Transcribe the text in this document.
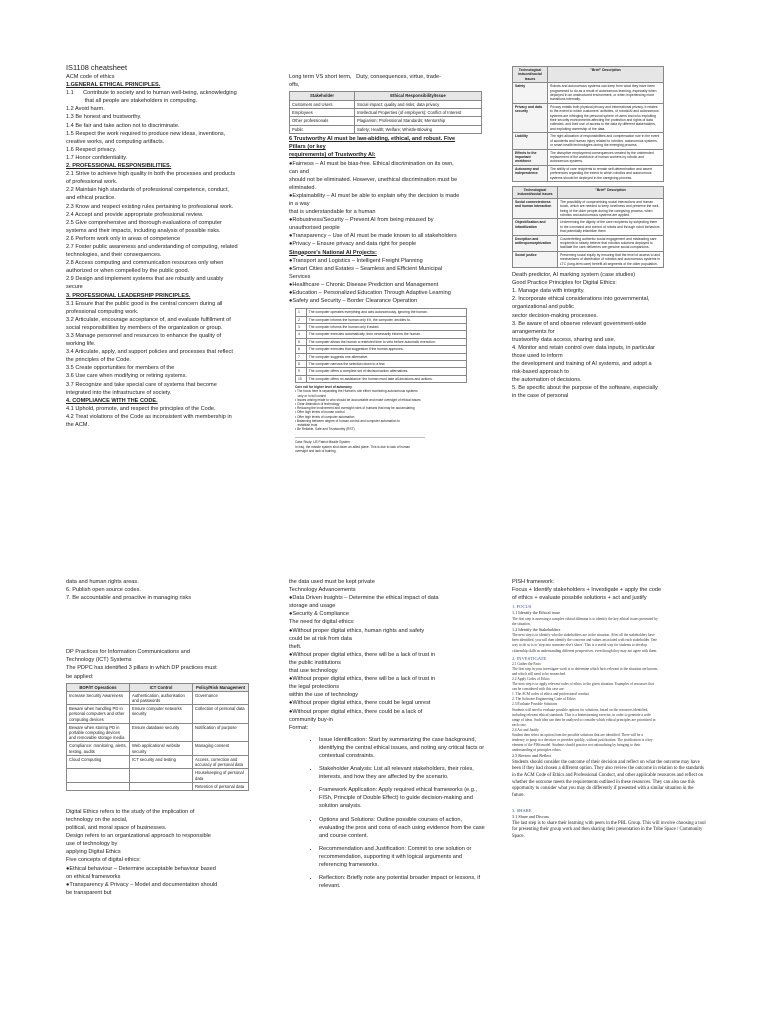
IS1108 cheatsheet

ACM code of ethics
1.GENERAL ETHICAL PRINCIPLES.
1.1      Contribute to society and to human well-being, acknowledging
that all people are stakeholders in computing.
1.2 Avoid harm.
1.3 Be honest and trustworthy.
1.4 Be fair and take action not to discriminate.
1.5 Respect the work required to produce new ideas, inventions,
creative works, and computing artifacts.
1.6 Respect privacy.
1.7 Honor confidentiality.
2. PROFESSIONAL RESPONSIBILITIES.
2.1 Strive to achieve high quality in both the processes and products
of professional work.
2.2 Maintain high standards of professional competence, conduct,
and ethical practice.
2.3 Know and respect existing rules pertaining to professional work.
2.4 Accept and provide appropriate professional review.
2.5 Give comprehensive and thorough evaluations of computer
systems and their impacts, including analysis of possible risks.
2.6 Perform work only in areas of competence
2.7 Foster public awareness and understanding of computing, related
technologies, and their consequences.
2.8 Access computing and communication resources only when
authorized or when compelled by the public good.
2.9 Design and implement systems that are robustly and usably
secure
3. PROFESSIONAL LEADERSHIP PRINCIPLES.
3.1 Ensure that the public good is the central concern during all
professional computing work.
3.2 Articulate, encourage acceptance of, and evaluate fulfillment of
social responsibilities by members of the organization or group.
3.3 Manage personnel and resources to enhance the quality of
working life.
3.4 Articulate, apply, and support policies and processes that reflect
the principles of the Code.
3.5 Create opportunities for members of the
3.6 Use care when modifying or retiring systems.
3.7 Recognize and take special care of systems that become
integrated into the infrastructure of society.
4. COMPLIANCE WITH THE CODE.
4.1 Uphold, promote, and respect the principles of the Code.
4.2 Treat violations of the Code as inconsistent with membership in
the ACM.
Long term VS short term,   Duty, consequences, virtue, trade-
offs,
Stakeholder	Ethical Responsibility/Issue
Customers and Users	Social impact; quality and risks; data privacy
Employees	Intellectual Properties (of employers); Conflict of Interest
Other professionals	Plagiarism; Professional Standards; Mentorship
Public	Safety; Health; Welfare; Whistle-Blowing
6 Trustworthy AI must be law-abiding, ethical, and robust. Five
Pillars (or key
requirements) of Trustworthy AI:
●Fairness – AI must be bias-free. Ethical discrimination on its own,
can and
should not be eliminated. However, unethical discrimination must be
eliminated.
●Explainability – AI must be able to explain why the decision is made
in a way
that is understandable for a human
●Robustness/Security – Prevent AI from being misused by
unauthorised people
●Transparency – Use of AI must be made known to all stakeholders
●Privacy – Ensure privacy and data right for people
Singapore's National AI Projects:
●Transport and Logistics – Intelligent Freight Planning
●Smart Cities and Estates – Seamless and Efficient Municipal
Services
●Healthcare – Chronic Disease Prediction and Management
●Education – Personalized Education Through Adaptive Learning
●Safety and Security – Border Clearance Operation
1	The computer operates everything and acts autonomously, ignoring the human.
2	The computer informs the human only if it, the computer, decides to.
3	The computer informs the human only if asked.
4	The computer executes automatically, then necessarily informs the human.
5	The computer allows the human a restricted time to veto before automatic execution.
6	The computer executes that suggestion if the human approves.
7	The computer suggests one alternative.
8	The computer narrows the selection down to a few.
9	The computer offers a complete set of decision/action alternatives.
10	The computer offers no assistance: the human must take all decisions and actions.
Core roll for higher level of autonomy
• The focus here is separating the Human's role either monitoring autonomous systems
only or in full control
• Issues arising relate to who should be accountable and make oversight of ethical issues
• Clear distinction of technology
• Reducing the involvement and oversight roles of humans that may be accumulating
• Offer high levels of human control
• Offer high levels of computer automation
• Balancing between degree of human control and computer automation to
establish trust
• Be Reliable, Safe and Trustworthy (RST)
Case Study: US Patriot Missile System
In Iraq, the missile system shot down an allied plane. This is due to lack of human
oversight and lack of training.
Technological induced/social issues	"Brief" Description
Safety	Robots and autonomous systems can keep from what they have been programmed to do as a result of autonomous learning, especially when deployed in an unstructured environment, or when experiencing more transitions internally.
Privacy and data security	Privacy entails both physical privacy and informational privacy. It relates to the extent to which customers' activities, of robots/AI and autonomous systems are infringing the personal sphere of users and who exploiting their security environments affecting the protection and rights of data collected, and their use of access to the data by different stakeholders, and exploiting ownership of the data.
Liability	The right allocation of responsibilities and compensation rule in the event of accidents and human injury related to robotics, autonomous systems, or smart health technologies during the emerging process.
Effects to the important workforce	The disruptive employment consequences created by the unintended replacement of the workforce of human workers by robotic and autonomous systems.
Autonomy and independence	The ability of care recipients to remain self-determination and assert preferences regarding the extent to which robotics and autonomous systems should be deployed in the caregiving process.
Technological induced/social issues	"Brief" Description
Social connectedness and human interaction	The possibility of compromising social interactions and human touch, which are needed to keep loneliness and preserve the well-being of the older people during the caregiving process, when robotics and autonomous systems are applied.
Objectification and infantilization	Undermining the dignity of the care recipients by subjecting them to the command and control of robots and through robot behaviors that potentially infantilize them.
Deception and anthropomorphization	Counterfeiting authentic social engagement and misleading care recipients to falsely believe that robotics solutions deployed to facilitate the care deliveries are genuine social companions.
Social justice	Preserving social equity by ensuring that the level of access to and mechanisms of distribution of robotics and autonomous systems in LTC (long-term care) benefit all segments of the older population.
Death predictor, AI marking system (case studies)
Good Practice Principles for Digital Ethics:
1. Manage data with integrity.
2. Incorporate ethical considerations into governmental,
organizational and public
sector decision-making processes.
3. Be aware of and observe relevant government-wide
arrangements for
trustworthy data access, sharing and use.
4. Monitor and retain control over data inputs, in particular
those used to inform
the development and training of AI systems, and adopt a
risk-based approach to
the automation of decisions.
5. Be specific about the purpose of the software, especially
in the case of personal
data and human rights areas.
6. Publish open source codes.
7. Be accountable and proactive in managing risks
DP Practices for Information Communications and
Technology (ICT) Systems
The PDPC has identified 3 pillars in which DP practices must
be applied:
BOP/IT Operations	ICT Control	Policy/Risk Management
Increase Security Awareness	Authentication, authorisation and passwords	Governance
Beware when handling PD in personal computers and other computing devices	Ensure computer networks security	Collection of personal data
Beware when storing PD in portable computing devices and removable storage media	Ensure database security	Notification of purpose
Compliance: monitoring, alerts, testing, audits	Web applications/ website security	Managing consent
Cloud Computing	ICT security and testing	Access, correction and accuracy of personal data
		Housekeeping of personal data
		Retention of personal data
Digital Ethics refers to the study of the implication of
technology on the social,
political, and moral space of businesses.
Design refers to an organizational approach to responsible
use of technology by
applying Digital Ethics
Five concepts of digital ethics:
●Ethical behaviour – Determine acceptable behaviour based
on ethical frameworks
●Transparency & Privacy – Model and documentation should
be transparent but
the data used must be kept private
Technology Advancements
●Data Driven Insights – Determine the ethical impact of data
storage and usage
●Security & Compliance
The need for digital ethics:
●Without proper digital ethics, human rights and safety
could be at risk from data
theft.
●Without proper digital ethics, there will be a lack of trust in
the public institutions
that use technology
●Without proper digital ethics, there will be a lack of trust in
the legal protections
within the use of technology
●Without proper digital ethics, there could be legal unrest
●Without proper digital ethics, there could be a lack of
community buy-in
Format:
• Issue Identification: Start by summarizing the case background, identifying the central ethical issues, and noting any critical facts or contextual constraints.
• Stakeholder Analysis: List all relevant stakeholders, their roles, interests, and how they are affected by the scenario.
• Framework Application: Apply required ethical frameworks (e.g., FISh, Principle of Double Effect) to guide decision-making and solution analysis.
• Options and Solutions: Outline possible courses of action, evaluating the pros and cons of each using evidence from the case and course content.
• Recommendation and Justification: Commit to one solution or recommendation, supporting it with logical arguments and referencing frameworks.
• Reflection: Briefly note any potential broader impact or lessons, if relevant.
PISH framework:
Focus + Identify stakeholders + Investigate + apply the code
of ethics + evaluate possbile solutions + act and justify
1. FOCUS
1.1 Identify the Ethical issue
The first step is assessing a complex ethical dilemma is to identify the key ethical issues presented by
the situation.
1.2 Identify the Stakeholders
The next step is to identify who the stakeholders are in the situation. After all the stakeholders have
been identified, you will then identify the concerns and values associated with each stakeholder. One
way to do so is to 'step into someone else's shoes'. This is a useful way for students to develop
citizenship skills as understanding different perspectives, even though they may not agree with them.
2. INVESTIGATE
2.1 Gather the Facts
The first step in your investigate work is to determine which facts relevant to the situation are known,
and which still need to be researched.
2.2 Apply Codes of Ethics
The next step is to apply relevant codes of ethics to the given situation. Examples of resources that
can be considered with this case are:
1. The ACM codes of ethics and professional conduct
2. The Software Engineering Code of Ethics
2.3 Evaluate Possible Solutions
Students will need to evaluate possible options for solutions, based on the resources identified,
including relevant ethical standards. This is a brainstorming exercise, in order to generate a wide
range of ideas. Such idea can then be analysed to consider which ethical principles are prioritised in
each case.
2.4 Act and Justify
Student then select an option from the possible solutions that are identified. There will be a
tendency to jump to a decision or provides quickly, without justification. The justification is a key
element of the FISh model. Students should practice not rationalising by bringing to their
understanding of principles ethics.
2.5 Review and Reflect
Students should consider the outcome of their decision and reflect on what the outcome may have
been if they had chosen a different option. They also review the outcome in relation to the standards
in the ACM Code of Ethics and Professional Conduct, and other applicable resources and reflect on
whether the outcome meets the requirements outlined in these resources. They can also use this
opportunity to consider what you may do differently if presented with a similar situation in the
future.
3. SHARE
3.1 Share and Discuss
The last step is to share their learning with peers in the PBL Group. This will involve choosing a tool
for presenting their group work and then sharing their presentation in the Tribe Space / Community
Space.
